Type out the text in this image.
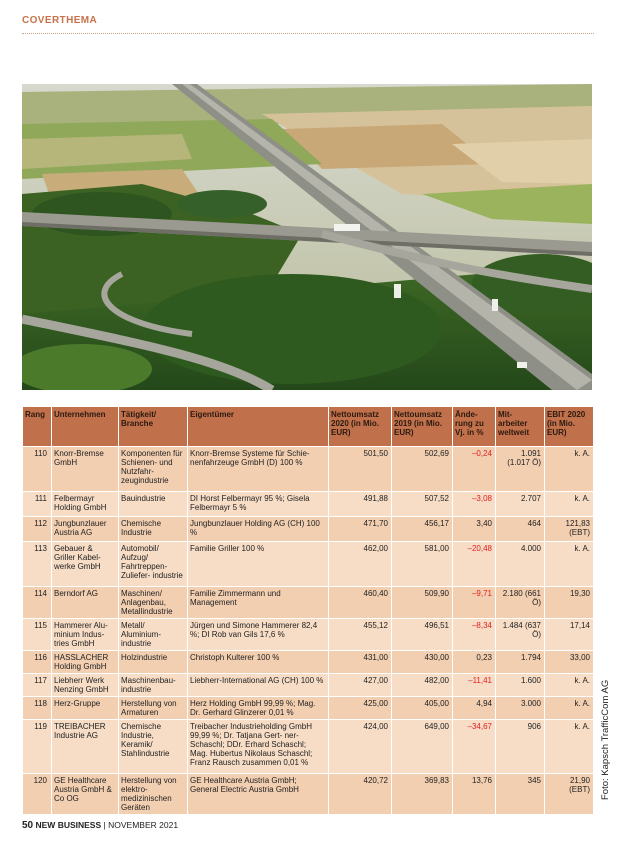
COVERTHEMA
Rang	Unternehmen	Tätigkeit/ Branche	Eigentümer	Nettoumsatz 2020 (in Mio. EUR)	Nettoumsatz 2019 (in Mio. EUR)	Ände- rung zu Vj. in %	Mit- arbeiter weltweit	EBIT 2020 (in Mio. EUR)
110	Knorr-Bremse GmbH	Komponenten für Schienen- und Nutzfahr- zeugindustrie	Knorr-Bremse Systeme für Schie- nenfahrzeuge GmbH (D) 100 %	501,50	502,69	–0,24	1.091 (1.017 Ö)	k. A.
111	Felbermayr Holding GmbH	Bauindustrie	DI Horst Felbermayr 95 %; Gisela Felbermayr 5 %	491,88	507,52	–3,08	2.707	k. A.
112	Jungbunzlauer Austria AG	Chemische Industrie	Jungbunzlauer Holding AG (CH) 100 %	471,70	456,17	3,40	464	121,83 (EBT)
113	Gebauer & Griller Kabel- werke GmbH	Automobil/ Aufzug/ Fahrtreppen- Zuliefer- industrie	Familie Griller 100 %	462,00	581,00	–20,48	4.000	k. A.
114	Berndorf AG	Maschinen/ Anlagenbau, Metallindustrie	Familie Zimmermann und Management	460,40	509,90	–9,71	2.180 (661 Ö)	19,30
115	Hammerer Alu- minium Indus- tries GmbH	Metall/ Aluminium- industrie	Jürgen und Simone Hammerer 82,4 %; DI Rob van Gils 17,6 %	455,12	496,51	–8,34	1.484 (637 Ö)	17,14
116	HASSLACHER Holding GmbH	Holzindustrie	Christoph Kulterer 100 %	431,00	430,00	0,23	1.794	33,00
117	Liebherr Werk Nenzing GmbH	Maschinenbau- industrie	Liebherr-International AG (CH) 100 %	427,00	482,00	–11,41	1.600	k. A.
118	Herz-Gruppe	Herstellung von Armaturen	Herz Holding GmbH 99,99 %; Mag. Dr. Gerhard Glinzerer 0,01 %	425,00	405,00	4,94	3.000	k. A.
119	TREIBACHER Industrie AG	Chemische Industrie, Keramik/ Stahlindustrie	Treibacher Industrieholding GmbH 99,99 %; Dr. Tatjana Gert- ner-Schaschl; DDr. Erhard Schaschl; Mag. Hubertus Nikolaus Schaschl; Franz Rausch zusammen 0,01 %	424,00	649,00	–34,67	906	k. A.
120	GE Healthcare Austria GmbH & Co OG	Herstellung von elektro- medizinischen Geräten	GE Healthcare Austria GmbH; General Electric Austria GmbH	420,72	369,83	13,76	345	21,90 (EBT) Foto: Kapsch TrafficCom AG
50 NEW BUSINESS | NOVEMBER 2021
